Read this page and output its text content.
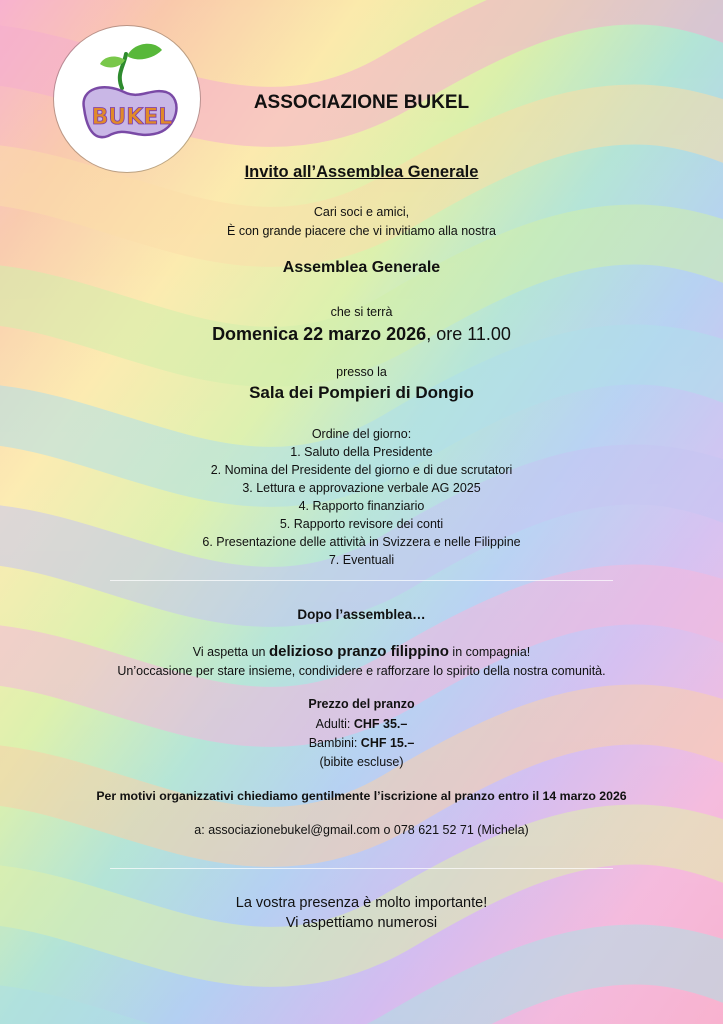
BUKEL
ASSOCIAZIONE BUKEL
Invito all’Assemblea Generale
Cari soci e amici,
È con grande piacere che vi invitiamo alla nostra
Assemblea Generale
che si terrà
Domenica 22 marzo 2026, ore 11.00
presso la
Sala dei Pompieri di Dongio
Ordine del giorno:
1. Saluto della Presidente
2. Nomina del Presidente del giorno e di due scrutatori
3. Lettura e approvazione verbale AG 2025
4. Rapporto finanziario
5. Rapporto revisore dei conti
6. Presentazione delle attività in Svizzera e nelle Filippine
7. Eventuali
Dopo l’assemblea…
Vi aspetta un delizioso pranzo filippino in compagnia!
Un’occasione per stare insieme, condividere e rafforzare lo spirito della nostra comunità.
Prezzo del pranzo
Adulti: CHF 35.–
Bambini: CHF 15.–
(bibite escluse)
Per motivi organizzativi chiediamo gentilmente l’iscrizione al pranzo entro il 14 marzo 2026
a: associazionebukel@gmail.com o 078 621 52 71 (Michela)
La vostra presenza è molto importante!
Vi aspettiamo numerosi
